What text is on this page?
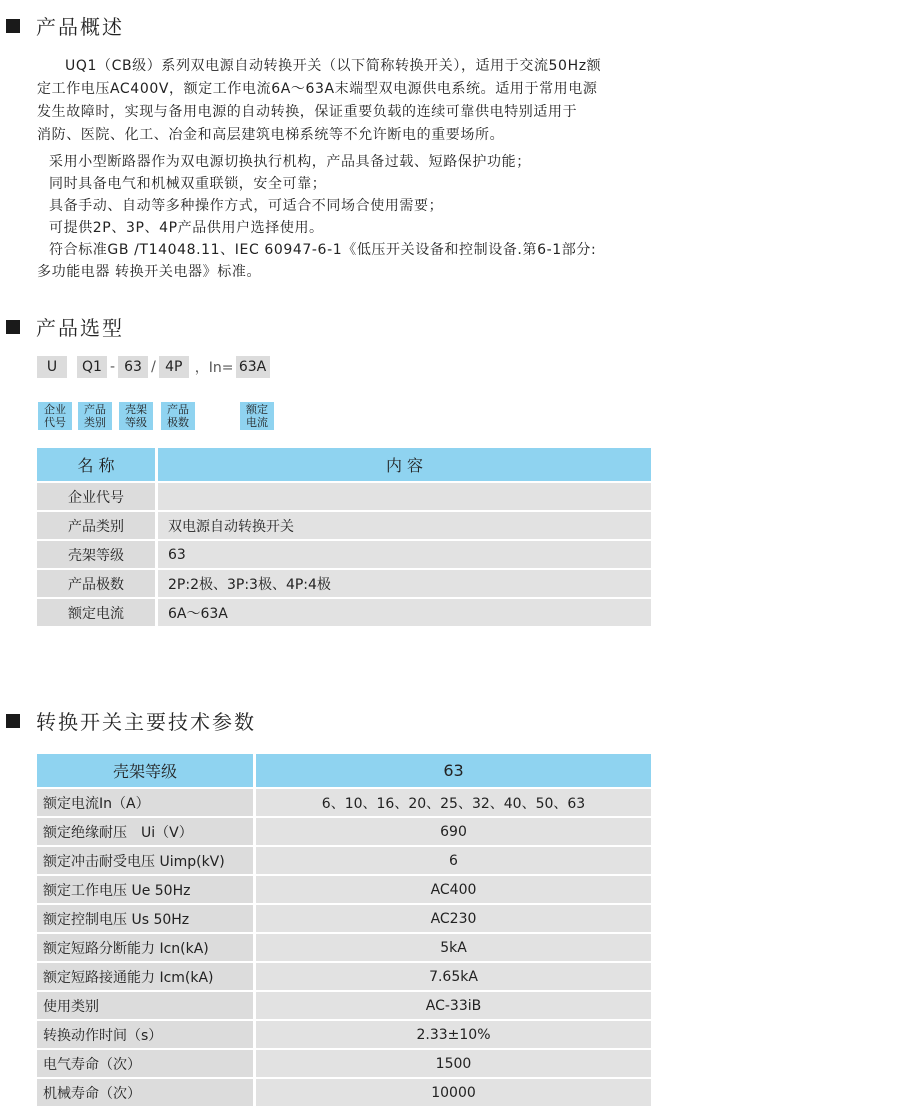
产品概述
UQ1（CB级）系列双电源自动转换开关（以下简称转换开关），适用于交流50Hz额
定工作电压AC400V，额定工作电流6A～63A末端型双电源供电系统。适用于常用电源
发生故障时，实现与备用电源的自动转换，保证重要负载的连续可靠供电特别适用于
消防、医院、化工、冶金和高层建筑电梯系统等不允许断电的重要场所。
采用小型断路器作为双电源切换执行机构，产品具备过载、短路保护功能；
同时具备电气和机械双重联锁，安全可靠；
具备手动、自动等多种操作方式，可适合不同场合使用需要；
可提供2P、3P、4P产品供用户选择使用。
符合标准GB /T14048.11、IEC 60947-6-1《低压开关设备和控制设备.第6-1部分:
多功能电器 转换开关电器》标准。
产品选型
U	Q1 - 63 / 4P ，In= 63A
企业
代号
产品
类别
壳架
等级
产品
极数
额定
电流
名 称		内 容
企业代号		
产品类别		双电源自动转换开关
壳架等级		63
产品极数		2P:2极、3P:3极、4P:4极
额定电流		6A～63A
转换开关主要技术参数
壳架等级		63
额定电流In（A）		6、10、16、20、25、32、40、50、63
额定绝缘耐压　Ui（V）		690
额定冲击耐受电压 Uimp(kV)		6
额定工作电压 Ue 50Hz		AC400
额定控制电压 Us 50Hz		AC230
额定短路分断能力 Icn(kA)		5kA
额定短路接通能力 Icm(kA)		7.65kA
使用类别		AC-33iB
转换动作时间（s）		2.33±10%
电气寿命（次）		1500
机械寿命（次）		10000
